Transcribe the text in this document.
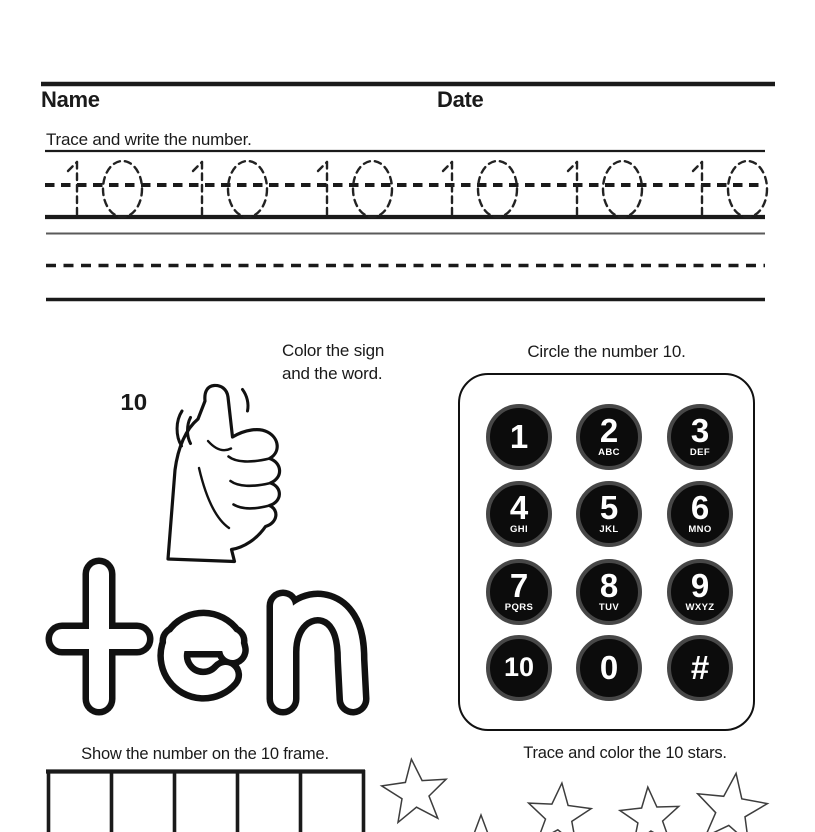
Name	Date
Trace and write the number.
Color the sign
and the word.
10
Circle the number 10.
1 2
ABC
3
DEF
4
GHI
5
JKL
6
MNO
7
PQRS
8
TUV
9
WXYZ
10 0 #
Show the number on the 10 frame.	Trace and color the 10 stars.
